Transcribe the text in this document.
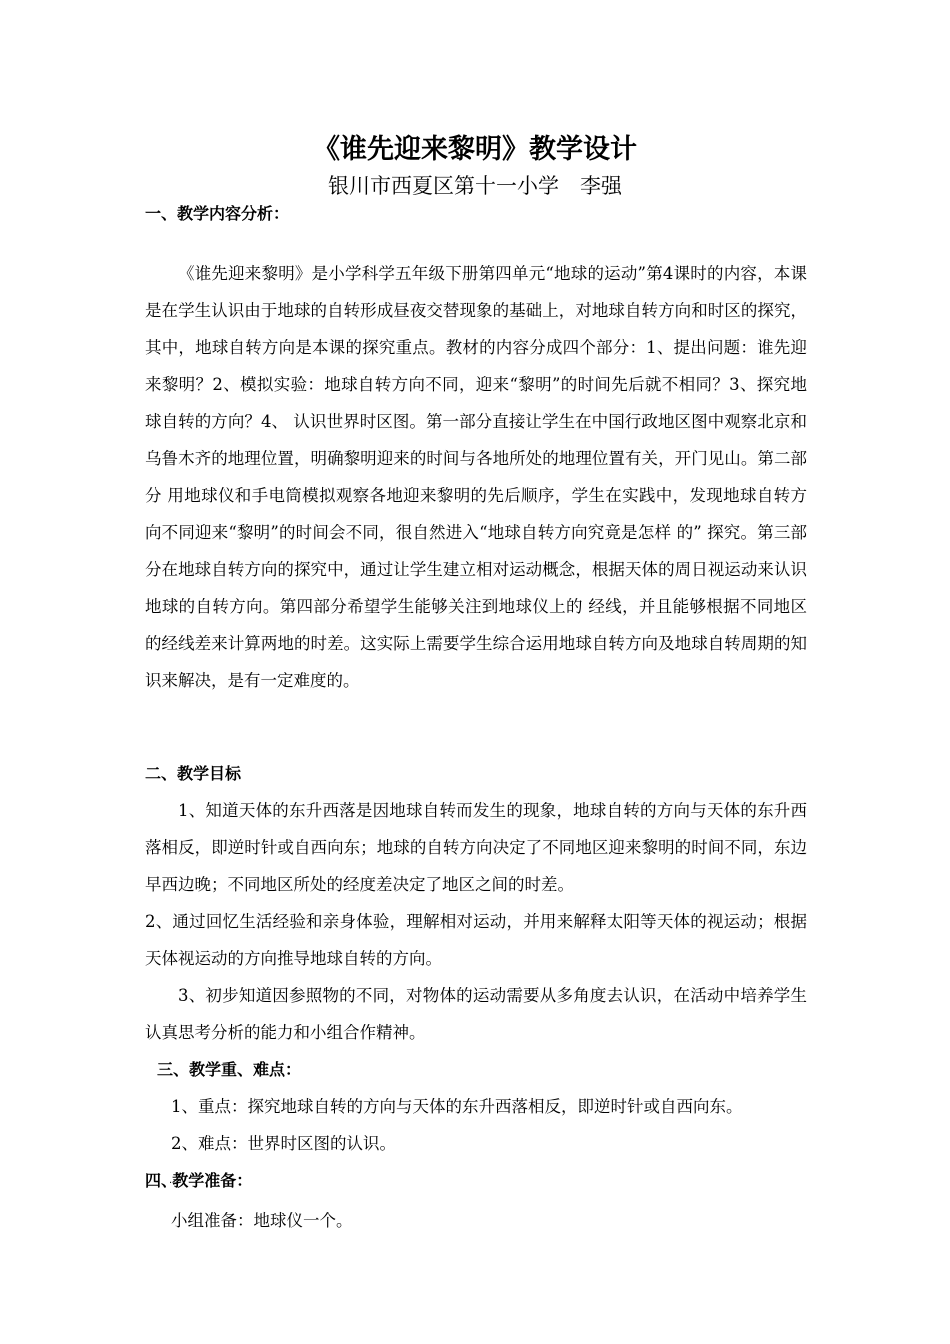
《谁先迎来黎明》教学设计
银川市西夏区第十一小学　李强

一、教学内容分析：

《谁先迎来黎明》是小学科学五年级下册第四单元“地球的运动”第4课时的内容，本课是在学生认识由于地球的自转形成昼夜交替现象的基础上，对地球自转方向和时区的探究，其中，地球自转方向是本课的探究重点。教材的内容分成四个部分：1、提出问题：谁先迎来黎明？2、模拟实验：地球自转方向不同，迎来“黎明”的时间先后就不相同？3、探究地球自转的方向？4、 认识世界时区图。第一部分直接让学生在中国行政地区图中观察北京和乌鲁木齐的地理位置，明确黎明迎来的时间与各地所处的地理位置有关，开门见山。第二部分 用地球仪和手电筒模拟观察各地迎来黎明的先后顺序，学生在实践中，发现地球自转方向不同迎来“黎明”的时间会不同，很自然进入“地球自转方向究竟是怎样 的” 探究。第三部分在地球自转方向的探究中，通过让学生建立相对运动概念，根据天体的周日视运动来认识地球的自转方向。第四部分希望学生能够关注到地球仪上的 经线，并且能够根据不同地区的经线差来计算两地的时差。这实际上需要学生综合运用地球自转方向及地球自转周期的知识来解决，是有一定难度的。

二、教学目标

1、知道天体的东升西落是因地球自转而发生的现象，地球自转的方向与天体的东升西落相反，即逆时针或自西向东；地球的自转方向决定了不同地区迎来黎明的时间不同，东边早西边晚；不同地区所处的经度差决定了地区之间的时差。

2、通过回忆生活经验和亲身体验，理解相对运动，并用来解释太阳等天体的视运动；根据天体视运动的方向推导地球自转的方向。

3、初步知道因参照物的不同，对物体的运动需要从多角度去认识，在活动中培养学生认真思考分析的能力和小组合作精神。

三、教学重、难点：

1、重点：探究地球自转的方向与天体的东升西落相反，即逆时针或自西向东。

2、难点：世界时区图的认识。

四、·教学准备：

小组准备：地球仪一个。
